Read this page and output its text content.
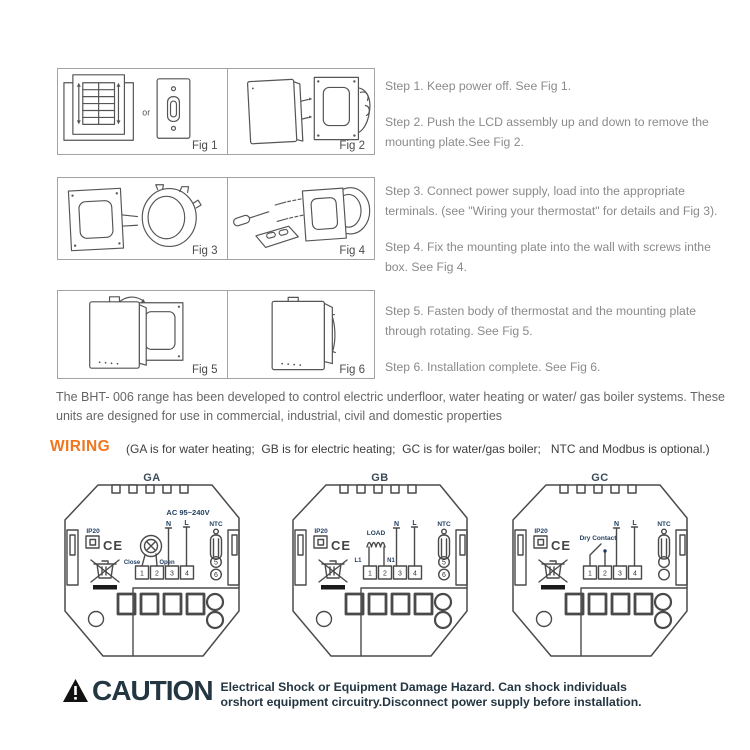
or
Fig 1	Fig 2
Fig 3	Fig 4
Fig 5	Fig 6

Step 1. Keep power off. See Fig 1.

Step 2. Push the LCD assembly up and down to remove the mounting plate.See Fig 2.

Step 3. Connect power supply, load into the appropriate terminals. (see "Wiring your thermostat" for details and Fig 3).

Step 4. Fix the mounting plate into the wall with screws inthe box. See Fig 4.

Step 5. Fasten body of thermostat and the mounting plate through rotating. See Fig 5.

Step 6. Installation complete. See Fig 6.

The BHT- 006 range has been developed to control electric underfloor, water heating or water/ gas boiler systems. These units are designed for use in commercial, industrial, civil and domestic properties
WIRING (GA is for water heating;  GB is for electric heating;  GC is for water/gas boiler;   NTC and Modbus is optional.)
GA
IP20
CE
Close	Open
AC 95~240V
N L	NTC
5
6
1 2 3 4
GB
IP20
CE
LOAD
L1	N1
N L	NTC
5
6
1 2 3 4
GC
IP20
CE Dry Contact
N L	NTC
1 2 3 4
CAUTION Electrical Shock or Equipment Damage Hazard. Can shock individuals orshort equipment circuitry.Disconnect power supply before installation.
